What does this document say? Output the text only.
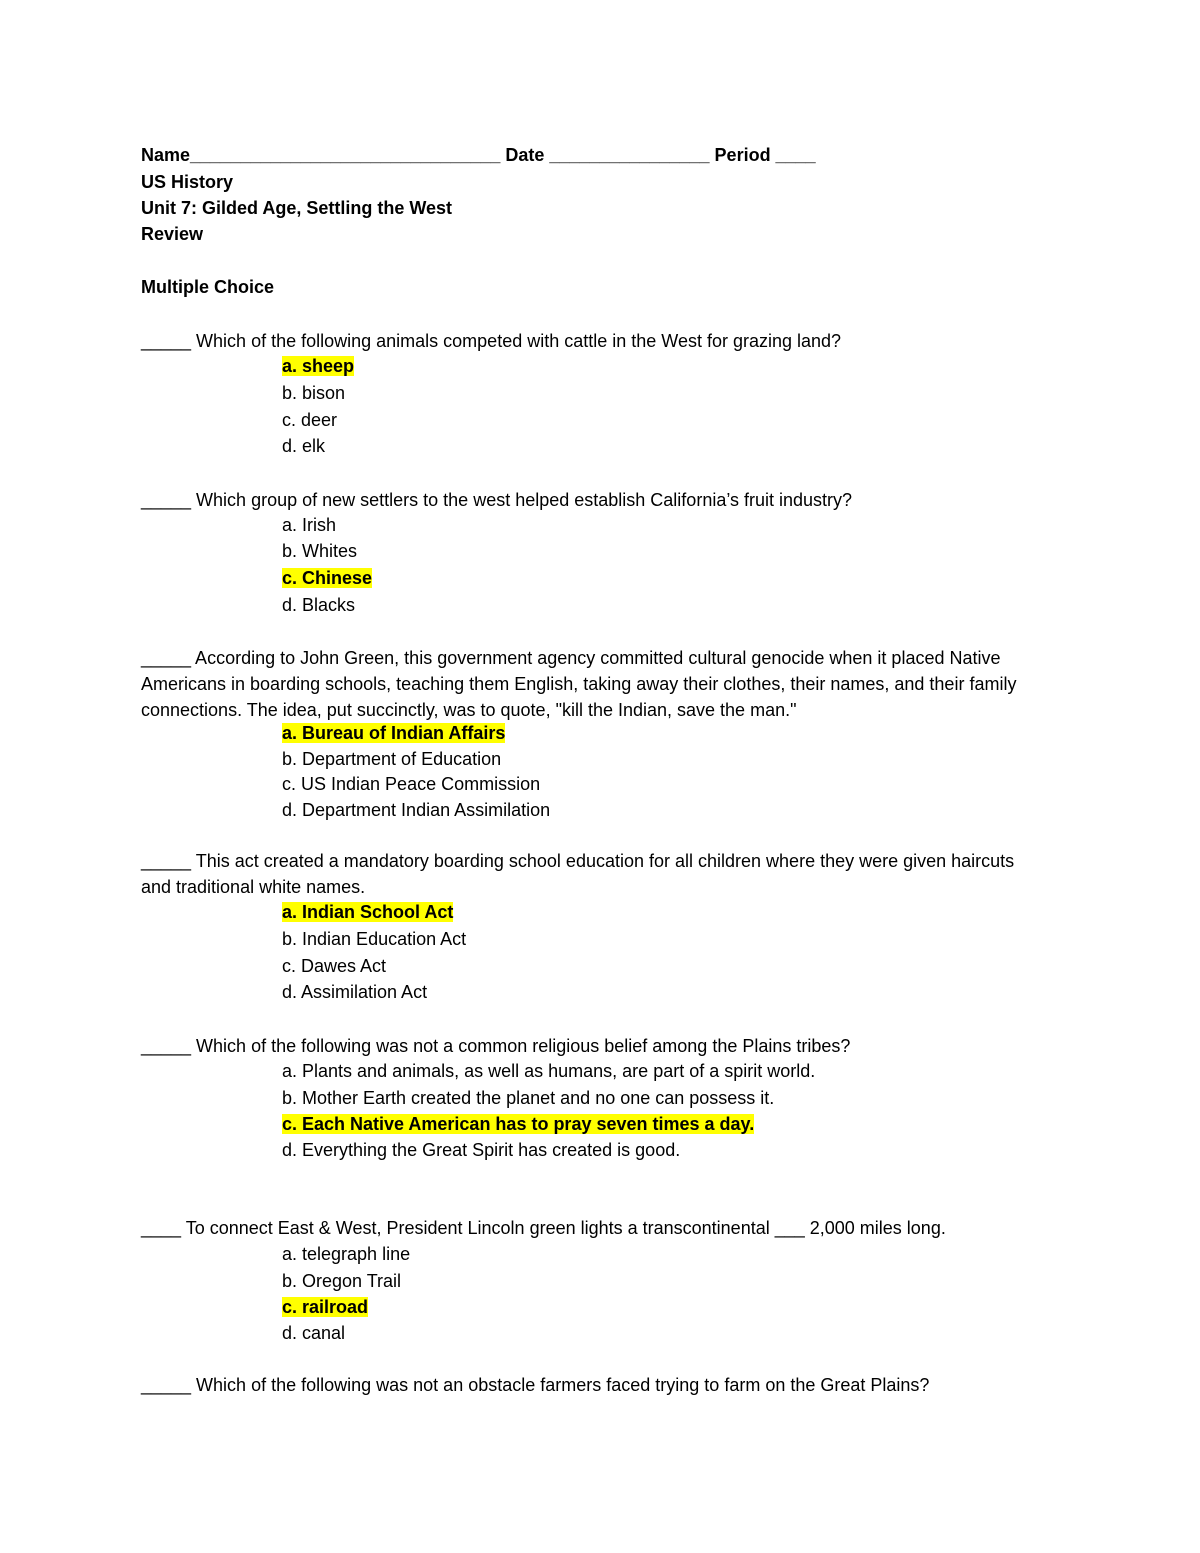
Name_______________________________ Date ________________ Period ____
US History
Unit 7: Gilded Age, Settling the West
Review
Multiple Choice
_____ Which of the following animals competed with cattle in the West for grazing land?
a. sheep
b. bison
c. deer
d. elk
_____ Which group of new settlers to the west helped establish California’s fruit industry?
a. Irish
b. Whites
c. Chinese
d. Blacks
_____ According to John Green, this government agency committed cultural genocide when it placed Native Americans in boarding schools, teaching them English, taking away their clothes, their names, and their family connections. The idea, put succinctly, was to quote, "kill the Indian, save the man."
a. Bureau of Indian Affairs
b. Department of Education
c. US Indian Peace Commission
d. Department Indian Assimilation
_____ This act created a mandatory boarding school education for all children where they were given haircuts and traditional white names.
a. Indian School Act
b. Indian Education Act
c. Dawes Act
d. Assimilation Act
_____ Which of the following was not a common religious belief among the Plains tribes?
a. Plants and animals, as well as humans, are part of a spirit world.
b. Mother Earth created the planet and no one can possess it.
c. Each Native American has to pray seven times a day.
d. Everything the Great Spirit has created is good.
____ To connect East & West, President Lincoln green lights a transcontinental ___ 2,000 miles long.
a. telegraph line
b. Oregon Trail
c. railroad
d. canal
_____ Which of the following was not an obstacle farmers faced trying to farm on the Great Plains?
